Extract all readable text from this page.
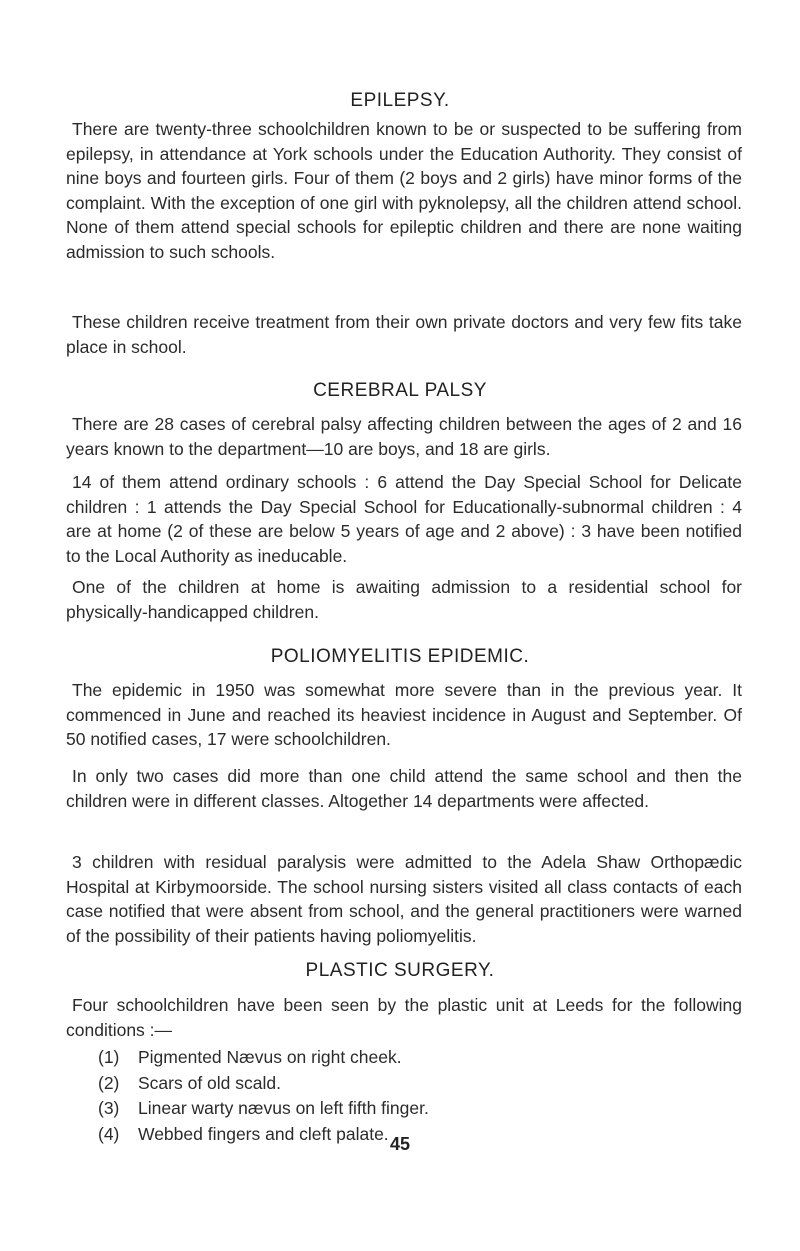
EPILEPSY.

There are twenty-three schoolchildren known to be or suspected to be suffering from epilepsy, in attendance at York schools under the Education Authority. They consist of nine boys and fourteen girls. Four of them (2 boys and 2 girls) have minor forms of the complaint. With the exception of one girl with pyknolepsy, all the children attend school. None of them attend special schools for epileptic children and there are none waiting admission to such schools.

These children receive treatment from their own private doctors and very few fits take place in school.

CEREBRAL PALSY

There are 28 cases of cerebral palsy affecting children between the ages of 2 and 16 years known to the department—10 are boys, and 18 are girls.

14 of them attend ordinary schools : 6 attend the Day Special School for Delicate children : 1 attends the Day Special School for Educationally-subnormal children : 4 are at home (2 of these are below 5 years of age and 2 above) : 3 have been notified to the Local Authority as ineducable.

One of the children at home is awaiting admission to a residential school for physically-handicapped children.

POLIOMYELITIS EPIDEMIC.

The epidemic in 1950 was somewhat more severe than in the previous year. It commenced in June and reached its heaviest incidence in August and September. Of 50 notified cases, 17 were schoolchildren.

In only two cases did more than one child attend the same school and then the children were in different classes. Altogether 14 departments were affected.

3 children with residual paralysis were admitted to the Adela Shaw Orthopædic Hospital at Kirbymoorside. The school nursing sisters visited all class contacts of each case notified that were absent from school, and the general practitioners were warned of the possibility of their patients having poliomyelitis.

PLASTIC SURGERY.

Four schoolchildren have been seen by the plastic unit at Leeds for the following conditions :—

(1)	Pigmented Nævus on right cheek.
(2)	Scars of old scald.
(3)	Linear warty nævus on left fifth finger.
(4)	Webbed fingers and cleft palate.
45
